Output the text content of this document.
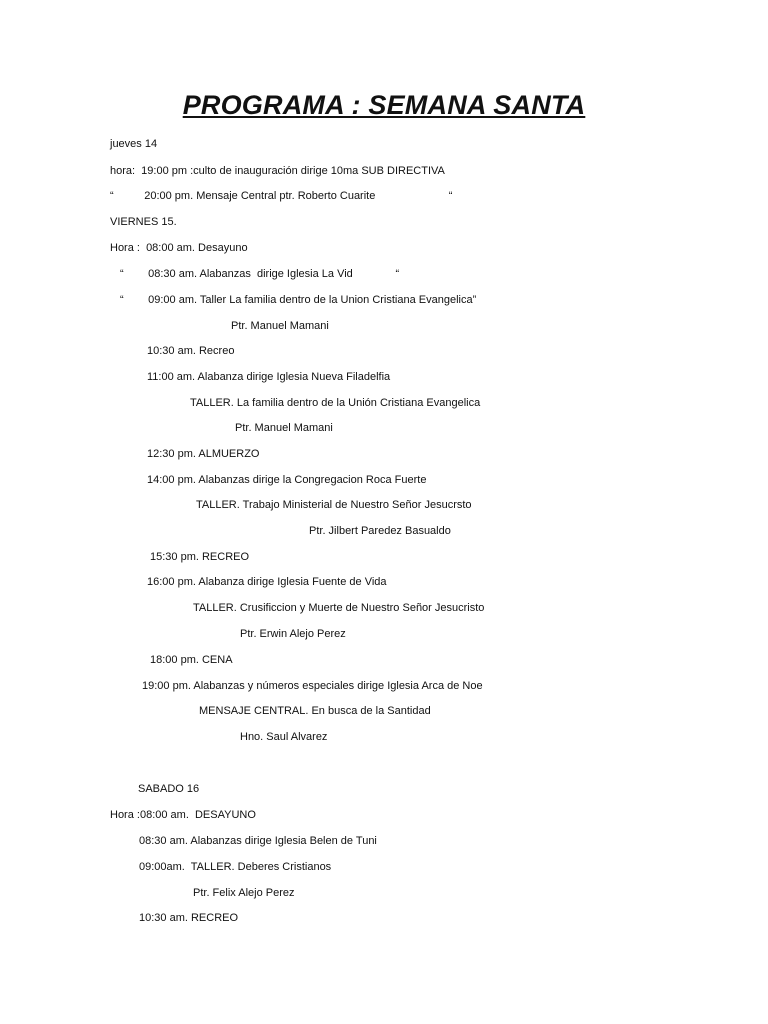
PROGRAMA : SEMANA SANTA
jueves 14
hora:  19:00 pm :culto de inauguración dirige 10ma SUB DIRECTIVA
“          20:00 pm. Mensaje Central ptr. Roberto Cuarite                        “
VIERNES 15.
Hora :  08:00 am. Desayuno
“        08:30 am. Alabanzas  dirige Iglesia La Vid              “
“        09:00 am. Taller La familia dentro de la Union Cristiana Evangelica”
Ptr. Manuel Mamani
10:30 am. Recreo
11:00 am. Alabanza dirige Iglesia Nueva Filadelfia
TALLER. La familia dentro de la Unión Cristiana Evangelica
Ptr. Manuel Mamani
12:30 pm. ALMUERZO
14:00 pm. Alabanzas dirige la Congregacion Roca Fuerte
TALLER. Trabajo Ministerial de Nuestro Señor Jesucrsto
Ptr. Jilbert Paredez Basualdo
15:30 pm. RECREO
16:00 pm. Alabanza dirige Iglesia Fuente de Vida
TALLER. Crusificcion y Muerte de Nuestro Señor Jesucristo
Ptr. Erwin Alejo Perez
18:00 pm. CENA
19:00 pm. Alabanzas y números especiales dirige Iglesia Arca de Noe
MENSAJE CENTRAL. En busca de la Santidad
Hno. Saul Alvarez
SABADO 16
Hora :08:00 am.  DESAYUNO
08:30 am. Alabanzas dirige Iglesia Belen de Tuni
09:00am.  TALLER. Deberes Cristianos
Ptr. Felix Alejo Perez
10:30 am. RECREO
